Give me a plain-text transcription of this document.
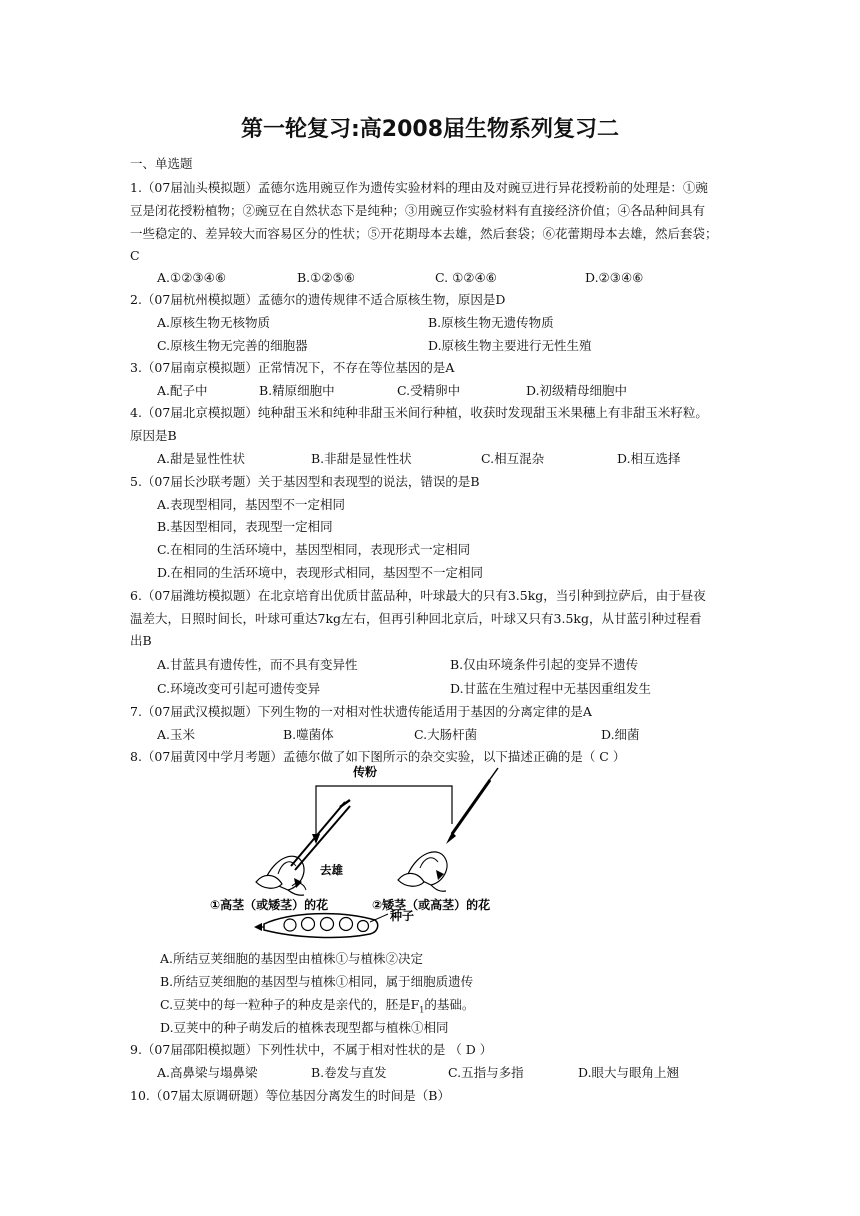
第一轮复习:高2008届生物系列复习二
一、单选题
1.（07届汕头模拟题）孟德尔选用豌豆作为遗传实验材料的理由及对豌豆进行异花授粉前的处理是：①豌
豆是闭花授粉植物；②豌豆在自然状态下是纯种；③用豌豆作实验材料有直接经济价值；④各品种间具有
一些稳定的、差异较大而容易区分的性状；⑤开花期母本去雄，然后套袋；⑥花蕾期母本去雄，然后套袋；
C
A.①②③④⑥	B.①②⑤⑥	C. ①②④⑥	D.②③④⑥
2.（07届杭州模拟题）孟德尔的遗传规律不适合原核生物，原因是D
A.原核生物无核物质	B.原核生物无遗传物质
C.原核生物无完善的细胞器	D.原核生物主要进行无性生殖
3.（07届南京模拟题）正常情况下，不存在等位基因的是A
A.配子中	B.精原细胞中	C.受精卵中	D.初级精母细胞中
4.（07届北京模拟题）纯种甜玉米和纯种非甜玉米间行种植，收获时发现甜玉米果穗上有非甜玉米籽粒。
原因是B
A.甜是显性性状	B.非甜是显性性状	C.相互混杂	D.相互选择
5.（07届长沙联考题）关于基因型和表现型的说法，错误的是B
A.表现型相同，基因型不一定相同
B.基因型相同，表现型一定相同
C.在相同的生活环境中，基因型相同，表现形式一定相同
D.在相同的生活环境中，表现形式相同，基因型不一定相同
6.（07届潍坊模拟题）在北京培育出优质甘蓝品种，叶球最大的只有3.5kg，当引种到拉萨后，由于昼夜
温差大，日照时间长，叶球可重达7kg左右，但再引种回北京后，叶球又只有3.5kg，从甘蓝引种过程看
出B
A.甘蓝具有遗传性，而不具有变异性	B.仅由环境条件引起的变异不遗传
C.环境改变可引起可遗传变异	D.甘蓝在生殖过程中无基因重组发生
7.（07届武汉模拟题）下列生物的一对相对性状遗传能适用于基因的分离定律的是A
A.玉米	B.噬菌体	C.大肠杆菌	D.细菌
8.（07届黄冈中学月考题）孟德尔做了如下图所示的杂交实验，以下描述正确的是（ C ）
传粉
去雄
①高茎（或矮茎）的花	②矮茎（或高茎）的花
种子
A.所结豆荚细胞的基因型由植株①与植株②决定
B.所结豆荚细胞的基因型与植株①相同，属于细胞质遗传
C.豆荚中的每一粒种子的种皮是亲代的，胚是$F_1$的基础。
D.豆荚中的种子萌发后的植株表现型都与植株①相同
9.（07届邵阳模拟题）下列性状中，不属于相对性状的是 （ D ）
A.高鼻梁与塌鼻梁	B.卷发与直发	C.五指与多指	D.眼大与眼角上翘
10.（07届太原调研题）等位基因分离发生的时间是（B）
